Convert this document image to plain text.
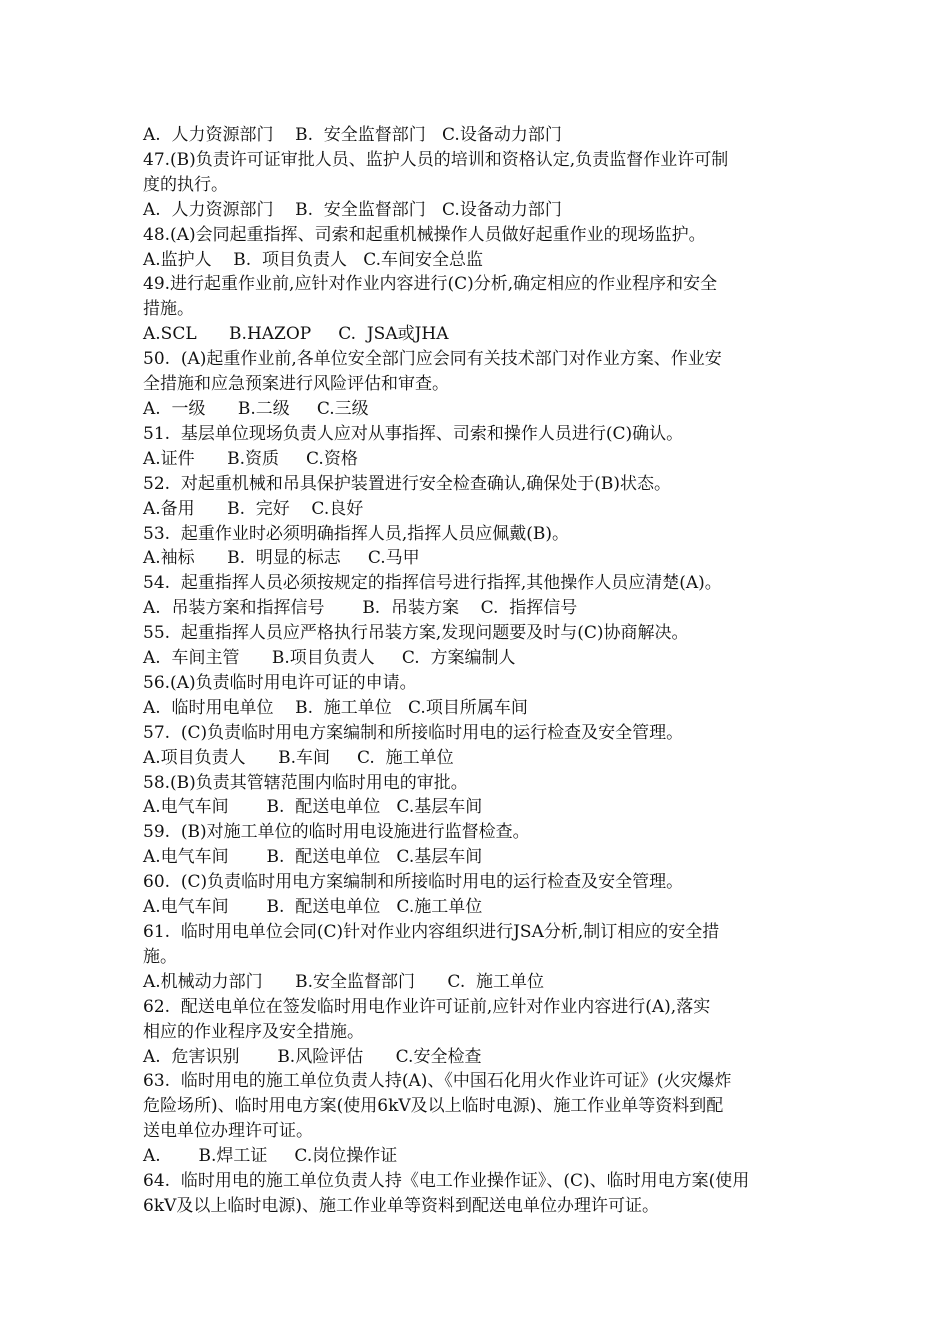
A.  人力资源部门    B.  安全监督部门   C.设备动力部门

47.(B)负责许可证审批人员、监护人员的培训和资格认定,负责监督作业许可制

度的执行。

A.  人力资源部门    B.  安全监督部门   C.设备动力部门

48.(A)会同起重指挥、司索和起重机械操作人员做好起重作业的现场监护。

A.监护人    B.  项目负责人   C.车间安全总监

49.进行起重作业前,应针对作业内容进行(C)分析,确定相应的作业程序和安全

措施。

A.SCL      B.HAZOP     C.  JSA或JHA

50.  (A)起重作业前,各单位安全部门应会同有关技术部门对作业方案、作业安

全措施和应急预案进行风险评估和审查。

A.  一级      B.二级     C.三级

51.  基层单位现场负责人应对从事指挥、司索和操作人员进行(C)确认。

A.证件      B.资质     C.资格

52.  对起重机械和吊具保护装置进行安全检查确认,确保处于(B)状态。

A.备用      B.  完好    C.良好

53.  起重作业时必须明确指挥人员,指挥人员应佩戴(B)。

A.袖标      B.  明显的标志     C.马甲

54.  起重指挥人员必须按规定的指挥信号进行指挥,其他操作人员应清楚(A)。

A.  吊装方案和指挥信号       B.  吊装方案    C.  指挥信号

55.  起重指挥人员应严格执行吊装方案,发现问题要及时与(C)协商解决。

A.  车间主管      B.项目负责人     C.  方案编制人

56.(A)负责临时用电许可证的申请。

A.  临时用电单位    B.  施工单位   C.项目所属车间

57.  (C)负责临时用电方案编制和所接临时用电的运行检查及安全管理。

A.项目负责人      B.车间     C.  施工单位

58.(B)负责其管辖范围内临时用电的审批。

A.电气车间       B.  配送电单位   C.基层车间

59.  (B)对施工单位的临时用电设施进行监督检查。

A.电气车间       B.  配送电单位   C.基层车间

60.  (C)负责临时用电方案编制和所接临时用电的运行检查及安全管理。

A.电气车间       B.  配送电单位   C.施工单位

61.  临时用电单位会同(C)针对作业内容组织进行JSA分析,制订相应的安全措

施。

A.机械动力部门      B.安全监督部门      C.  施工单位

62.  配送电单位在签发临时用电作业许可证前,应针对作业内容进行(A),落实

相应的作业程序及安全措施。

A.  危害识别       B.风险评估      C.安全检查

63.  临时用电的施工单位负责人持(A)、《中国石化用火作业许可证》(火灾爆炸

危险场所)、临时用电方案(使用6kV及以上临时电源)、施工作业单等资料到配

送电单位办理许可证。

A.       B.焊工证     C.岗位操作证

64.  临时用电的施工单位负责人持《电工作业操作证》、(C)、临时用电方案(使用

6kV及以上临时电源)、施工作业单等资料到配送电单位办理许可证。
